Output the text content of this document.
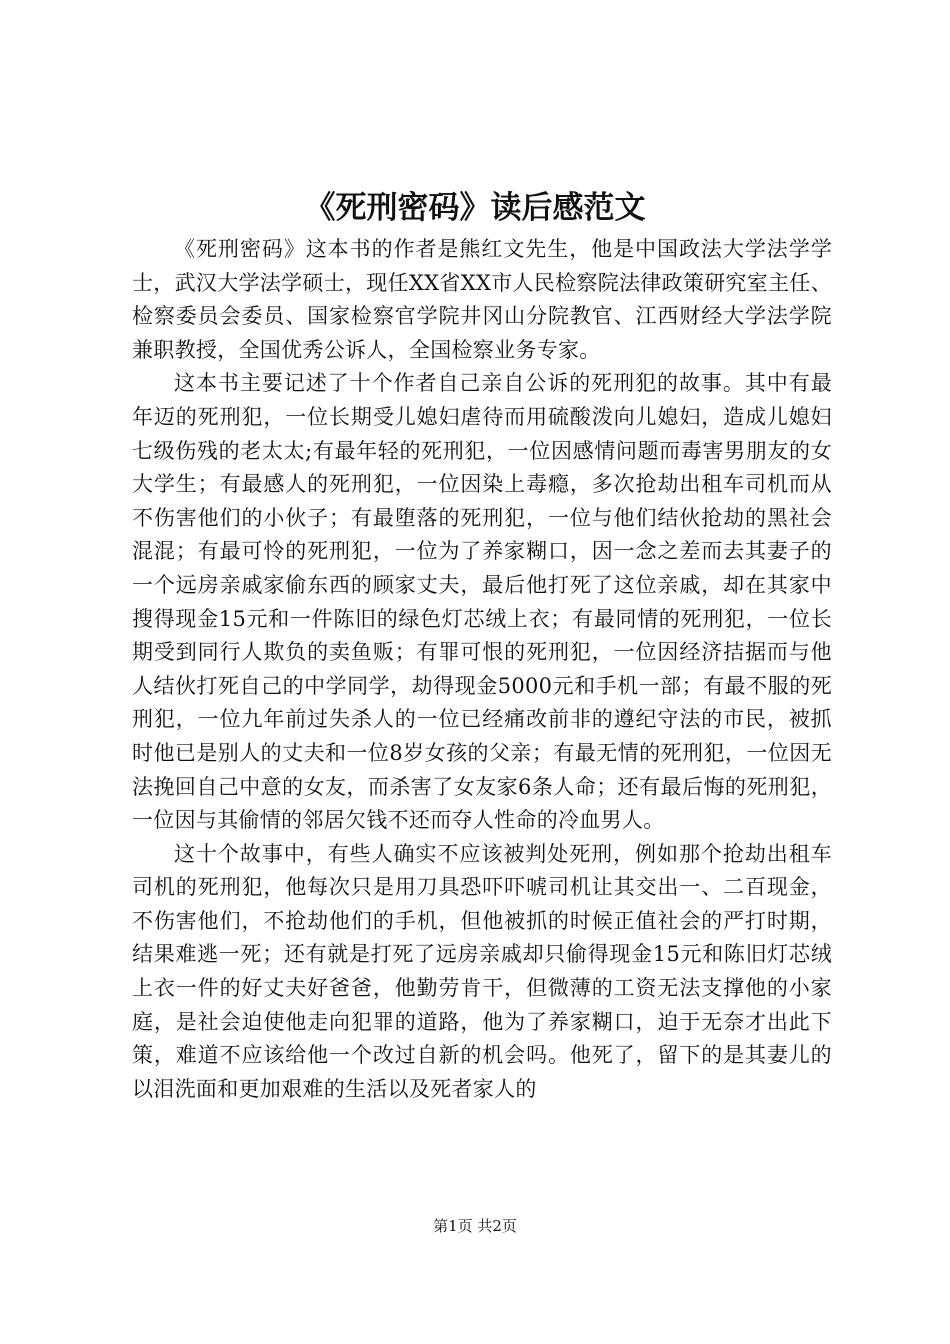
《死刑密码》读后感范文

《死刑密码》这本书的作者是熊红文先生，他是中国政法大学法学学士，武汉大学法学硕士，现任XX省XX市人民检察院法律政策研究室主任、检察委员会委员、国家检察官学院井冈山分院教官、江西财经大学法学院兼职教授，全国优秀公诉人，全国检察业务专家。

这本书主要记述了十个作者自己亲自公诉的死刑犯的故事。其中有最年迈的死刑犯，一位长期受儿媳妇虐待而用硫酸泼向儿媳妇，造成儿媳妇七级伤残的老太太;有最年轻的死刑犯，一位因感情问题而毒害男朋友的女大学生；有最感人的死刑犯，一位因染上毒瘾，多次抢劫出租车司机而从不伤害他们的小伙子；有最堕落的死刑犯，一位与他们结伙抢劫的黑社会混混；有最可怜的死刑犯，一位为了养家糊口，因一念之差而去其妻子的一个远房亲戚家偷东西的顾家丈夫，最后他打死了这位亲戚，却在其家中搜得现金15元和一件陈旧的绿色灯芯绒上衣；有最同情的死刑犯，一位长期受到同行人欺负的卖鱼贩；有罪可恨的死刑犯，一位因经济拮据而与他人结伙打死自己的中学同学，劫得现金5000元和手机一部；有最不服的死刑犯，一位九年前过失杀人的一位已经痛改前非的遵纪守法的市民，被抓时他已是别人的丈夫和一位8岁女孩的父亲；有最无情的死刑犯，一位因无法挽回自己中意的女友，而杀害了女友家6条人命；还有最后悔的死刑犯，一位因与其偷情的邻居欠钱不还而夺人性命的冷血男人。

这十个故事中，有些人确实不应该被判处死刑，例如那个抢劫出租车司机的死刑犯，他每次只是用刀具恐吓吓唬司机让其交出一、二百现金，不伤害他们，不抢劫他们的手机，但他被抓的时候正值社会的严打时期，结果难逃一死；还有就是打死了远房亲戚却只偷得现金15元和陈旧灯芯绒上衣一件的好丈夫好爸爸，他勤劳肯干，但微薄的工资无法支撑他的小家庭，是社会迫使他走向犯罪的道路，他为了养家糊口，迫于无奈才出此下策，难道不应该给他一个改过自新的机会吗。他死了，留下的是其妻儿的以泪洗面和更加艰难的生活以及死者家人的

第1页 共2页
